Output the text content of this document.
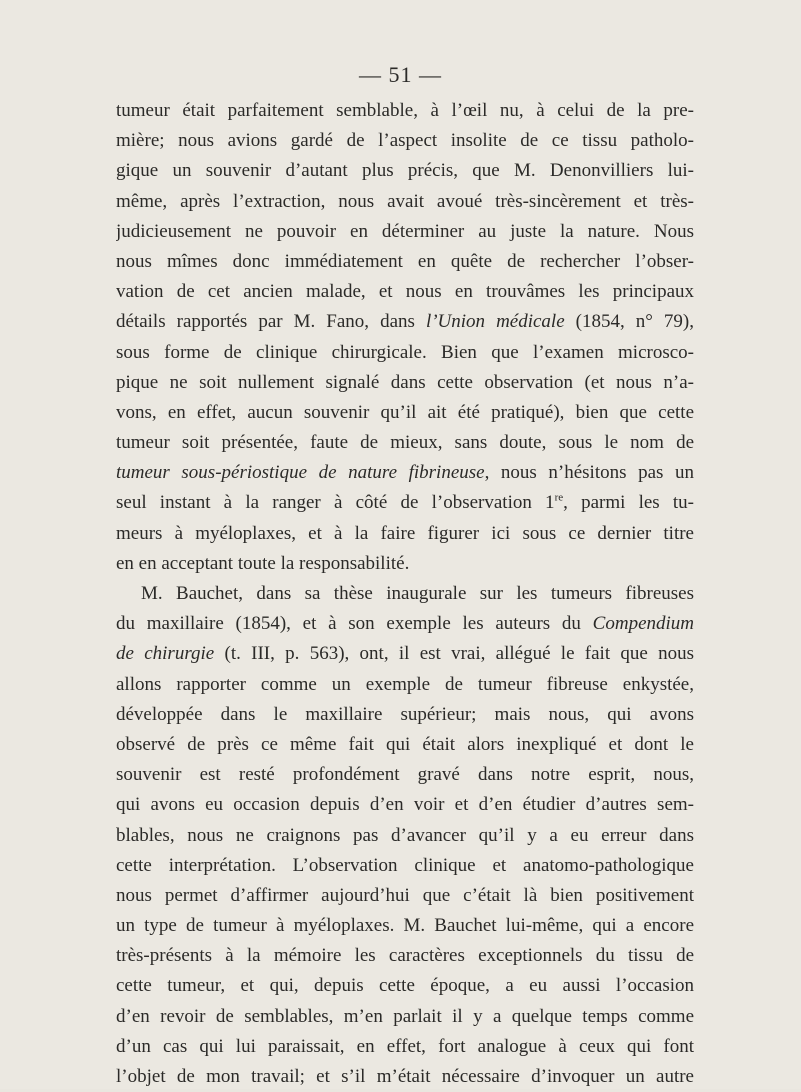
— 51 —
tumeur était parfaitement semblable, à l’œil nu, à celui de la pre-
mière; nous avions gardé de l’aspect insolite de ce tissu patholo-
gique un souvenir d’autant plus précis, que M. Denonvilliers lui-
même, après l’extraction, nous avait avoué très-sincèrement et très-
judicieusement ne pouvoir en déterminer au juste la nature. Nous
nous mîmes donc immédiatement en quête de rechercher l’obser-
vation de cet ancien malade, et nous en trouvâmes les principaux
détails rapportés par M. Fano, dans l’Union médicale (1854, n° 79),
sous forme de clinique chirurgicale. Bien que l’examen microsco-
pique ne soit nullement signalé dans cette observation (et nous n’a-
vons, en effet, aucun souvenir qu’il ait été pratiqué), bien que cette
tumeur soit présentée, faute de mieux, sans doute, sous le nom de
tumeur sous-périostique de nature fibrineuse, nous n’hésitons pas un
seul instant à la ranger à côté de l’observation 1re, parmi les tu-
meurs à myéloplaxes, et à la faire figurer ici sous ce dernier titre
en en acceptant toute la responsabilité.
M. Bauchet, dans sa thèse inaugurale sur les tumeurs fibreuses
du maxillaire (1854), et à son exemple les auteurs du Compendium
de chirurgie (t. III, p. 563), ont, il est vrai, allégué le fait que nous
allons rapporter comme un exemple de tumeur fibreuse enkystée,
développée dans le maxillaire supérieur; mais nous, qui avons
observé de près ce même fait qui était alors inexpliqué et dont le
souvenir est resté profondément gravé dans notre esprit, nous,
qui avons eu occasion depuis d’en voir et d’en étudier d’autres sem-
blables, nous ne craignons pas d’avancer qu’il y a eu erreur dans
cette interprétation. L’observation clinique et anatomo-pathologique
nous permet d’affirmer aujourd’hui que c’était là bien positivement
un type de tumeur à myéloplaxes. M. Bauchet lui-même, qui a encore
très-présents à la mémoire les caractères exceptionnels du tissu de
cette tumeur, et qui, depuis cette époque, a eu aussi l’occasion
d’en revoir de semblables, m’en parlait il y a quelque temps comme
d’un cas qui lui paraissait, en effet, fort analogue à ceux qui font
l’objet de mon travail; et s’il m’était nécessaire d’invoquer un autre
